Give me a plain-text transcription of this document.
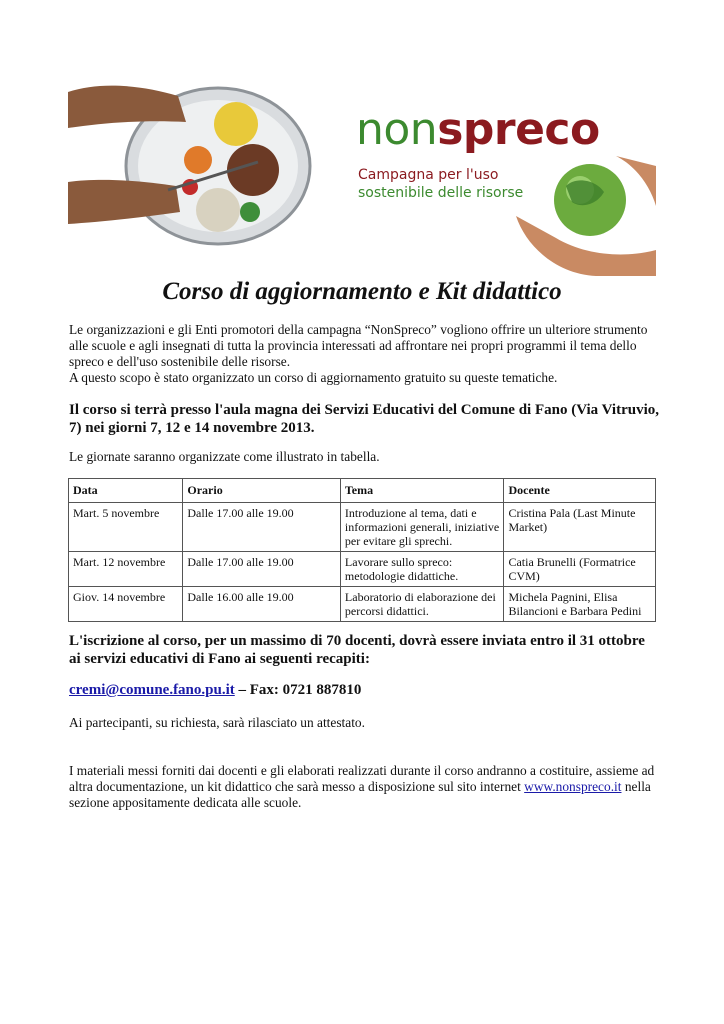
nonspreco
Campagna per l'uso
sostenibile delle risorse
Corso di aggiornamento e Kit didattico
Le organizzazioni e gli Enti promotori della campagna “NonSpreco” vogliono offrire un ulteriore strumento alle scuole e agli insegnati di tutta la provincia interessati ad affrontare nei propri programmi il tema dello spreco e dell'uso sostenibile delle risorse.
A questo scopo è stato organizzato un corso di aggiornamento gratuito su queste tematiche.
Il corso si terrà presso l'aula magna dei Servizi Educativi del Comune di Fano (Via Vitruvio, 7) nei giorni 7, 12 e 14 novembre 2013.
Le giornate saranno organizzate come illustrato in tabella.
Data	Orario	Tema	Docente
Mart. 5 novembre	Dalle 17.00 alle 19.00	Introduzione al tema, dati e informazioni generali, iniziative per evitare gli sprechi.	Cristina Pala (Last Minute Market)
Mart. 12 novembre	Dalle 17.00 alle 19.00	Lavorare sullo spreco: metodologie didattiche.	Catia Brunelli (Formatrice CVM)
Giov. 14 novembre	Dalle 16.00 alle 19.00	Laboratorio di elaborazione dei percorsi didattici.	Michela Pagnini, Elisa Bilancioni e Barbara Pedini
L'iscrizione al corso, per un massimo di 70 docenti, dovrà essere inviata entro il 31 ottobre ai servizi educativi di Fano ai seguenti recapiti:
cremi@comune.fano.pu.it – Fax: 0721 887810
Ai partecipanti, su richiesta, sarà rilasciato un attestato.
I materiali messi forniti dai docenti e gli elaborati realizzati durante il corso andranno a costituire, assieme ad altra documentazione, un kit didattico che sarà messo a disposizione sul sito internet www.nonspreco.it nella sezione appositamente dedicata alle scuole.
